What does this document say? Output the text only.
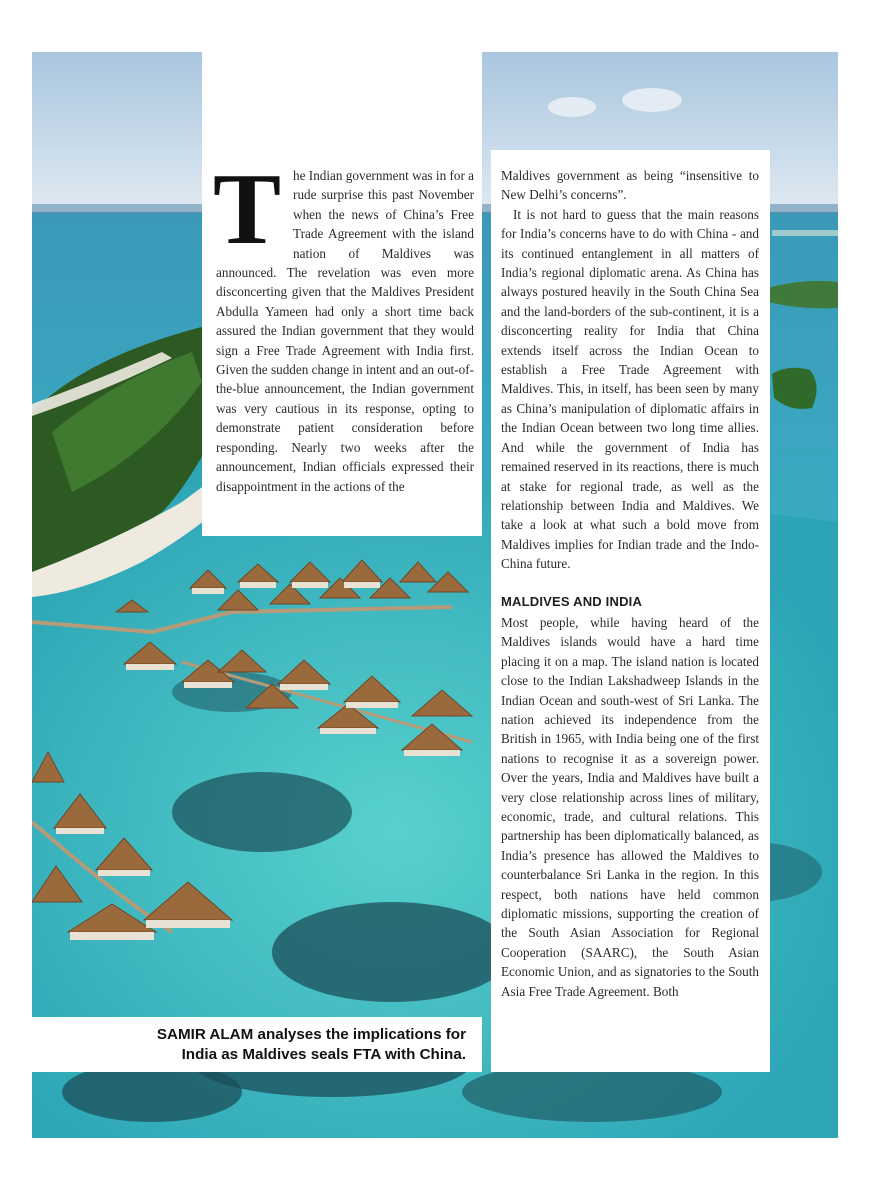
The Indian government was in for a rude surprise this past November when the news of China’s Free Trade Agreement with the island nation of Maldives was announced. The revelation was even more disconcerting given that the Maldives President Abdulla Yameen had only a short time back assured the Indian government that they would sign a Free Trade Agreement with India first. Given the sudden change in intent and an out-of-the-blue announcement, the Indian government was very cautious in its response, opting to demonstrate patient consideration before responding. Nearly two weeks after the announcement, Indian officials expressed their disappointment in the actions of the

Maldives government as being “insensitive to New Delhi’s concerns”.

It is not hard to guess that the main reasons for India’s concerns have to do with China - and its continued entanglement in all matters of India’s regional diplomatic arena. As China has always postured heavily in the South China Sea and the land-borders of the sub-continent, it is a disconcerting reality for India that China extends itself across the Indian Ocean to establish a Free Trade Agreement with Maldives. This, in itself, has been seen by many as China’s manipulation of diplomatic affairs in the Indian Ocean between two long time allies. And while the government of India has remained reserved in its reactions, there is much at stake for regional trade, as well as the relationship between India and Maldives. We take a look at what such a bold move from Maldives implies for Indian trade and the Indo-China future.

MALDIVES AND INDIA

Most people, while having heard of the Maldives islands would have a hard time placing it on a map. The island nation is located close to the Indian Lakshadweep Islands in the Indian Ocean and south-west of Sri Lanka. The nation achieved its independence from the British in 1965, with India being one of the first nations to recognise it as a sovereign power. Over the years, India and Maldives have built a very close relationship across lines of military, economic, trade, and cultural relations. This partnership has been diplomatically balanced, as India’s presence has allowed the Maldives to counterbalance Sri Lanka in the region. In this respect, both nations have held common diplomatic missions, supporting the creation of the South Asian Association for Regional Cooperation (SAARC), the South Asian Economic Union, and as signatories to the South Asia Free Trade Agreement. Both

SAMIR ALAM analyses the implications for
India as Maldives seals FTA with China.
